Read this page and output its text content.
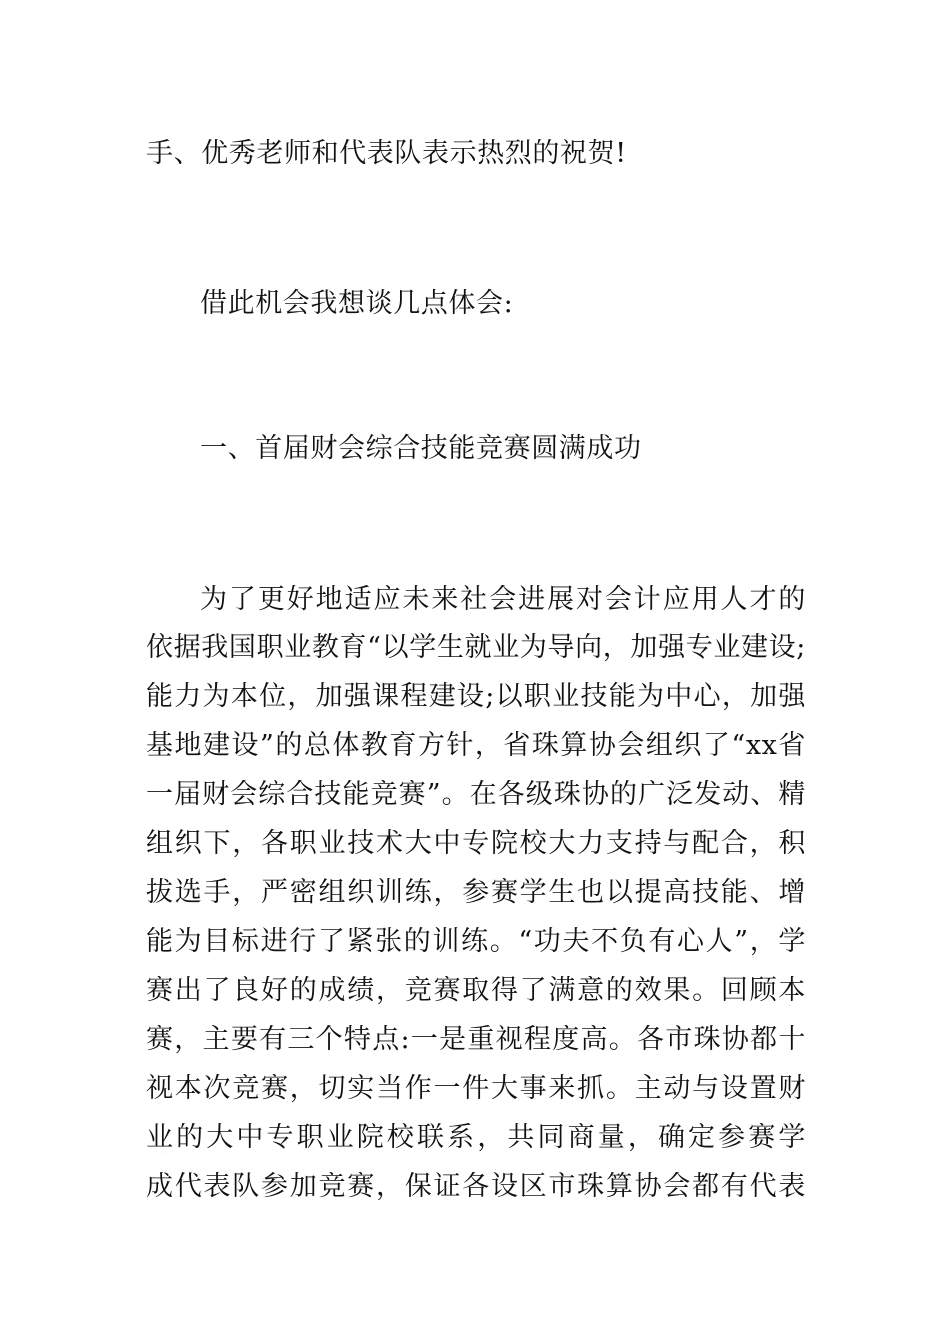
手、优秀老师和代表队表示热烈的祝贺!
借此机会我想谈几点体会:
一、首届财会综合技能竞赛圆满成功
为了更好地适应未来社会进展对会计应用人才的
依据我国职业教育“以学生就业为导向，加强专业建设;
能力为本位，加强课程建设;以职业技能为中心，加强
基地建设”的总体教育方针，省珠算协会组织了“xx省
一届财会综合技能竞赛”。在各级珠协的广泛发动、精
组织下，各职业技术大中专院校大力支持与配合，积
拔选手，严密组织训练，参赛学生也以提高技能、增
能为目标进行了紧张的训练。“功夫不负有心人”，学
赛出了良好的成绩，竞赛取得了满意的效果。回顾本
赛，主要有三个特点:一是重视程度高。各市珠协都十
视本次竞赛，切实当作一件大事来抓。主动与设置财
业的大中专职业院校联系，共同商量，确定参赛学
成代表队参加竞赛，保证各设区市珠算协会都有代表
